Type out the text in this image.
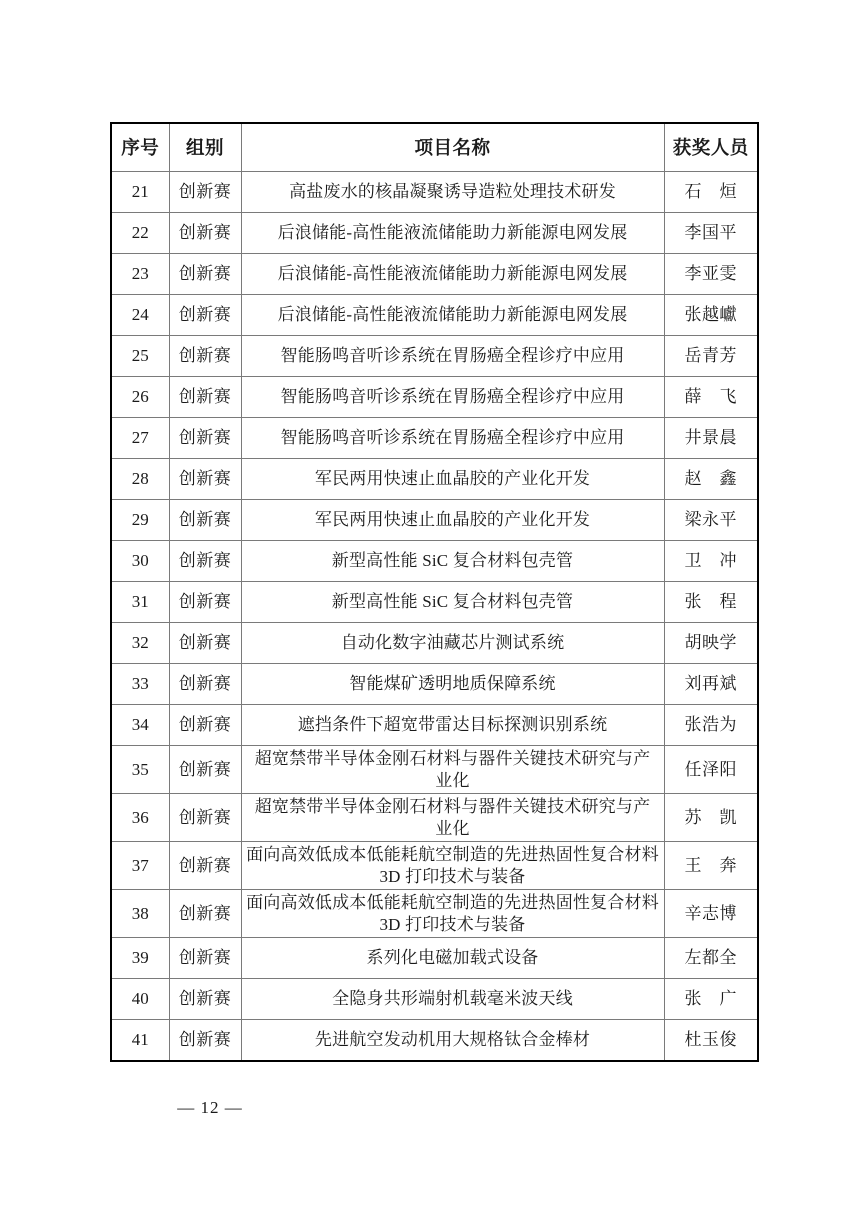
序号	组别	项目名称	获奖人员
21	创新赛	高盐废水的核晶凝聚诱导造粒处理技术研发	石　烜
22	创新赛	后浪储能-高性能液流储能助力新能源电网发展	李国平
23	创新赛	后浪储能-高性能液流储能助力新能源电网发展	李亚雯
24	创新赛	后浪储能-高性能液流储能助力新能源电网发展	张越巘
25	创新赛	智能肠鸣音听诊系统在胃肠癌全程诊疗中应用	岳青芳
26	创新赛	智能肠鸣音听诊系统在胃肠癌全程诊疗中应用	薛　飞
27	创新赛	智能肠鸣音听诊系统在胃肠癌全程诊疗中应用	井景晨
28	创新赛	军民两用快速止血晶胶的产业化开发	赵　鑫
29	创新赛	军民两用快速止血晶胶的产业化开发	梁永平
30	创新赛	新型高性能 SiC 复合材料包壳管	卫　冲
31	创新赛	新型高性能 SiC 复合材料包壳管	张　程
32	创新赛	自动化数字油藏芯片测试系统	胡映学
33	创新赛	智能煤矿透明地质保障系统	刘再斌
34	创新赛	遮挡条件下超宽带雷达目标探测识别系统	张浩为
35	创新赛	超宽禁带半导体金刚石材料与器件关键技术研究与产
业化	任泽阳
36	创新赛	超宽禁带半导体金刚石材料与器件关键技术研究与产
业化	苏　凯
37	创新赛	面向高效低成本低能耗航空制造的先进热固性复合材料
3D 打印技术与装备	王　奔
38	创新赛	面向高效低成本低能耗航空制造的先进热固性复合材料
3D 打印技术与装备	辛志博
39	创新赛	系列化电磁加载式设备	左都全
40	创新赛	全隐身共形端射机载毫米波天线	张　广
41	创新赛	先进航空发动机用大规格钛合金棒材	杜玉俊
— 12 —
